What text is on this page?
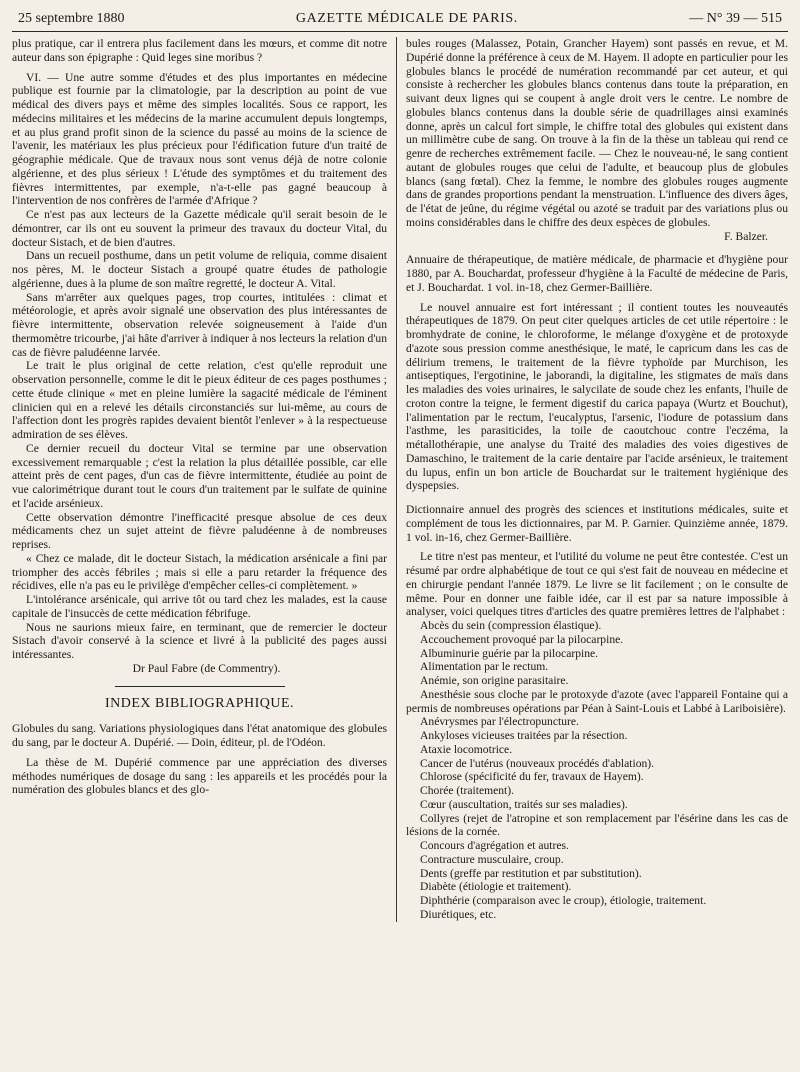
25 septembre 1880	GAZETTE MÉDICALE DE PARIS.	— N° 39 — 515

plus pratique, car il entrera plus facilement dans les mœurs, et comme dit notre auteur dans son épigraphe : Quid leges sine moribus ?

VI. — Une autre somme d'études et des plus importantes en médecine publique est fournie par la climatologie, par la description au point de vue médical des divers pays et même des simples localités. Sous ce rapport, les médecins militaires et les médecins de la marine accumulent depuis longtemps, et au plus grand profit sinon de la science du passé au moins de la science de l'avenir, les matériaux les plus précieux pour l'édification future d'un traité de géographie médicale. Que de travaux nous sont venus déjà de notre colonie algérienne, et des plus sérieux ! L'étude des symptômes et du traitement des fièvres intermittentes, par exemple, n'a-t-elle pas gagné beaucoup à l'intervention de nos confrères de l'armée d'Afrique ?

Ce n'est pas aux lecteurs de la Gazette médicale qu'il serait besoin de le démontrer, car ils ont eu souvent la primeur des travaux du docteur Vital, du docteur Sistach, et de bien d'autres.

Dans un recueil posthume, dans un petit volume de reliquia, comme disaient nos pères, M. le docteur Sistach a groupé quatre études de pathologie algérienne, dues à la plume de son maître regretté, le docteur A. Vital.

Sans m'arrêter aux quelques pages, trop courtes, intitulées : climat et météorologie, et après avoir signalé une observation des plus intéressantes de fièvre intermittente, observation relevée soigneusement à l'aide d'un thermomètre tricourbe, j'ai hâte d'arriver à indiquer à nos lecteurs la relation d'un cas de fièvre paludéenne larvée.

Le trait le plus original de cette relation, c'est qu'elle reproduit une observation personnelle, comme le dit le pieux éditeur de ces pages posthumes ; cette étude clinique « met en pleine lumière la sagacité médicale de l'éminent clinicien qui en a relevé les détails circonstanciés sur lui-même, au cours de l'affection dont les progrès rapides devaient bientôt l'enlever » à la respectueuse admiration de ses élèves.

Ce dernier recueil du docteur Vital se termine par une observation excessivement remarquable ; c'est la relation la plus détaillée possible, car elle atteint près de cent pages, d'un cas de fièvre intermittente, étudiée au point de vue calorimétrique durant tout le cours d'un traitement par le sulfate de quinine et l'acide arsénieux.

Cette observation démontre l'inefficacité presque absolue de ces deux médicaments chez un sujet atteint de fièvre paludéenne à de nombreuses reprises.

« Chez ce malade, dit le docteur Sistach, la médication arsénicale a fini par triompher des accès fébriles ; mais si elle a paru retarder la fréquence des récidives, elle n'a pas eu le privilège d'empêcher celles-ci complètement. »

L'intolérance arsénicale, qui arrive tôt ou tard chez les malades, est la cause capitale de l'insuccès de cette médication fébrifuge.

Nous ne saurions mieux faire, en terminant, que de remercier le docteur Sistach d'avoir conservé à la science et livré à la publicité des pages aussi intéressantes.

Dr Paul Fabre (de Commentry).

INDEX BIBLIOGRAPHIQUE.

Globules du sang. Variations physiologiques dans l'état anatomique des globules du sang, par le docteur A. Dupérié. — Doin, éditeur, pl. de l'Odéon.

La thèse de M. Dupérié commence par une appréciation des diverses méthodes numériques de dosage du sang : les appareils et les procédés pour la numération des globules blancs et des glo-

bules rouges (Malassez, Potain, Grancher Hayem) sont passés en revue, et M. Dupérié donne la préférence à ceux de M. Hayem. Il adopte en particulier pour les globules blancs le procédé de numération recommandé par cet auteur, et qui consiste à rechercher les globules blancs contenus dans toute la préparation, en suivant deux lignes qui se coupent à angle droit vers le centre. Le nombre de globules blancs contenus dans la double série de quadrillages ainsi examinés donne, après un calcul fort simple, le chiffre total des globules qui existent dans un millimètre cube de sang. On trouve à la fin de la thèse un tableau qui rend ce genre de recherches extrêmement facile. — Chez le nouveau-né, le sang contient autant de globules rouges que celui de l'adulte, et beaucoup plus de globules blancs (sang fœtal). Chez la femme, le nombre des globules rouges augmente dans de grandes proportions pendant la menstruation. L'influence des divers âges, de l'état de jeûne, du régime végétal ou azoté se traduit par des variations plus ou moins considérables dans le chiffre des deux espèces de globules.

F. Balzer.

Annuaire de thérapeutique, de matière médicale, de pharmacie et d'hygiène pour 1880, par A. Bouchardat, professeur d'hygiène à la Faculté de médecine de Paris, et J. Bouchardat. 1 vol. in-18, chez Germer-Baillière.

Le nouvel annuaire est fort intéressant ; il contient toutes les nouveautés thérapeutiques de 1879. On peut citer quelques articles de cet utile répertoire : le bromhydrate de conine, le chloroforme, le mélange d'oxygène et de protoxyde d'azote sous pression comme anesthésique, le maté, le capricum dans les cas de délirium tremens, le traitement de la fièvre typhoïde par Murchison, les antiseptiques, l'ergotinine, le jaborandi, la digitaline, les stigmates de maïs dans les maladies des voies urinaires, le salycilate de soude chez les enfants, l'huile de croton contre la teigne, le ferment digestif du carica papaya (Wurtz et Bouchut), l'alimentation par le rectum, l'eucalyptus, l'arsenic, l'iodure de potassium dans l'asthme, les parasiticides, la toile de caoutchouc contre l'eczéma, la métallothérapie, une analyse du Traité des maladies des voies digestives de Damaschino, le traitement de la carie dentaire par l'acide arsénieux, le traitement du lupus, enfin un bon article de Bouchardat sur le traitement hygiénique des dyspepsies.

Dictionnaire annuel des progrès des sciences et institutions médicales, suite et complément de tous les dictionnaires, par M. P. Garnier. Quinzième année, 1879. 1 vol. in-16, chez Germer-Baillière.

Le titre n'est pas menteur, et l'utilité du volume ne peut être contestée. C'est un résumé par ordre alphabétique de tout ce qui s'est fait de nouveau en médecine et en chirurgie pendant l'année 1879. Le livre se lit facilement ; on le consulte de même. Pour en donner une faible idée, car il est par sa nature impossible à analyser, voici quelques titres d'articles des quatre premières lettres de l'alphabet :

Abcès du sein (compression élastique).

Accouchement provoqué par la pilocarpine.

Albuminurie guérie par la pilocarpine.

Alimentation par le rectum.

Anémie, son origine parasitaire.

Anesthésie sous cloche par le protoxyde d'azote (avec l'appareil Fontaine qui a permis de nombreuses opérations par Péan à Saint-Louis et Labbé à Lariboisière).

Anévrysmes par l'électropuncture.

Ankyloses vicieuses traitées par la résection.

Ataxie locomotrice.

Cancer de l'utérus (nouveaux procédés d'ablation).

Chlorose (spécificité du fer, travaux de Hayem).

Chorée (traitement).

Cœur (auscultation, traités sur ses maladies).

Collyres (rejet de l'atropine et son remplacement par l'ésérine dans les cas de lésions de la cornée.

Concours d'agrégation et autres.

Contracture musculaire, croup.

Dents (greffe par restitution et par substitution).

Diabète (étiologie et traitement).

Diphthérie (comparaison avec le croup), étiologie, traitement.

Diurétiques, etc.
